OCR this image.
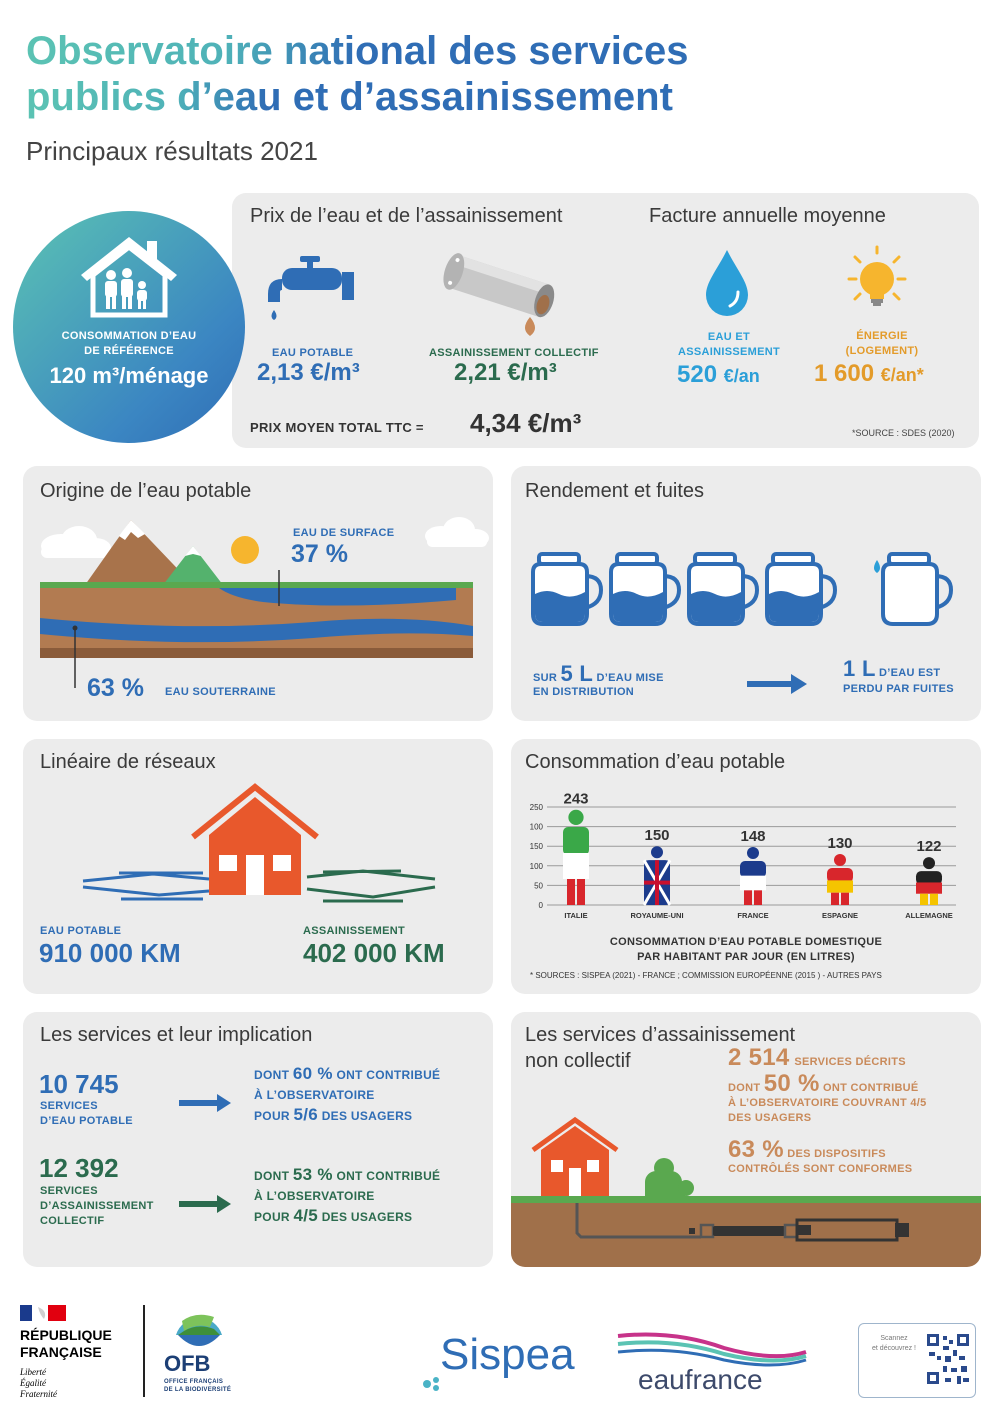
Observatoire national des services
publics d’eau et d’assainissement
Principaux résultats 2021
Prix de l’eau et de l’assainissement	Facture annuelle moyenne
EAU POTABLE
2,13 €/m³
ASSAINISSEMENT COLLECTIF
2,21 €/m³
PRIX MOYEN TOTAL TTC = 4,34 €/m³
EAU ET
ASSAINISSEMENT
520 €/an
ÉNERGIE
(LOGEMENT)
1 600 €/an*
*SOURCE : SDES (2020)
CONSOMMATION D’EAU
DE RÉFÉRENCE
120 m³/ménage
Origine de l’eau potable
EAU DE SURFACE
37 %
63 % EAU SOUTERRAINE
Rendement et fuites
SUR 5 L D’EAU MISE
EN DISTRIBUTION
1 L D’EAU EST
PERDU PAR FUITES
Linéaire de réseaux
EAU POTABLE
910 000 KM
ASSAINISSEMENT
402 000 KM
Consommation d’eau potable
250
100
150
100
50
0
243
ITALIE
150
ROYAUME-UNI
148
FRANCE
130
ESPAGNE
122
ALLEMAGNE
CONSOMMATION D’EAU POTABLE DOMESTIQUE
PAR HABITANT PAR JOUR (EN LITRES)
* SOURCES : SISPEA (2021) - FRANCE ; COMMISSION EUROPÉENNE (2015 ) - AUTRES PAYS
Les services et leur implication
10 745
SERVICES
D’EAU POTABLE
DONT 60 % ONT CONTRIBUÉ
À L’OBSERVATOIRE
POUR 5/6 DES USAGERS
12 392
SERVICES
D’ASSAINISSEMENT
COLLECTIF
DONT 53 % ONT CONTRIBUÉ
À L’OBSERVATOIRE
POUR 4/5 DES USAGERS
Les services d’assainissement
non collectif	2 514 SERVICES DÉCRITS
DONT 50 % ONT CONTRIBUÉ
À L’OBSERVATOIRE COUVRANT 4/5
DES USAGERS
63 % DES DISPOSITIFS
CONTRÔLÉS SONT CONFORMES
RÉPUBLIQUE
FRANÇAISE
Liberté
Égalité
Fraternité
OFB
OFFICE FRANÇAIS
DE LA BIODIVERSITÉ
Sispea
eaufrance
Scannez
et découvrez !
